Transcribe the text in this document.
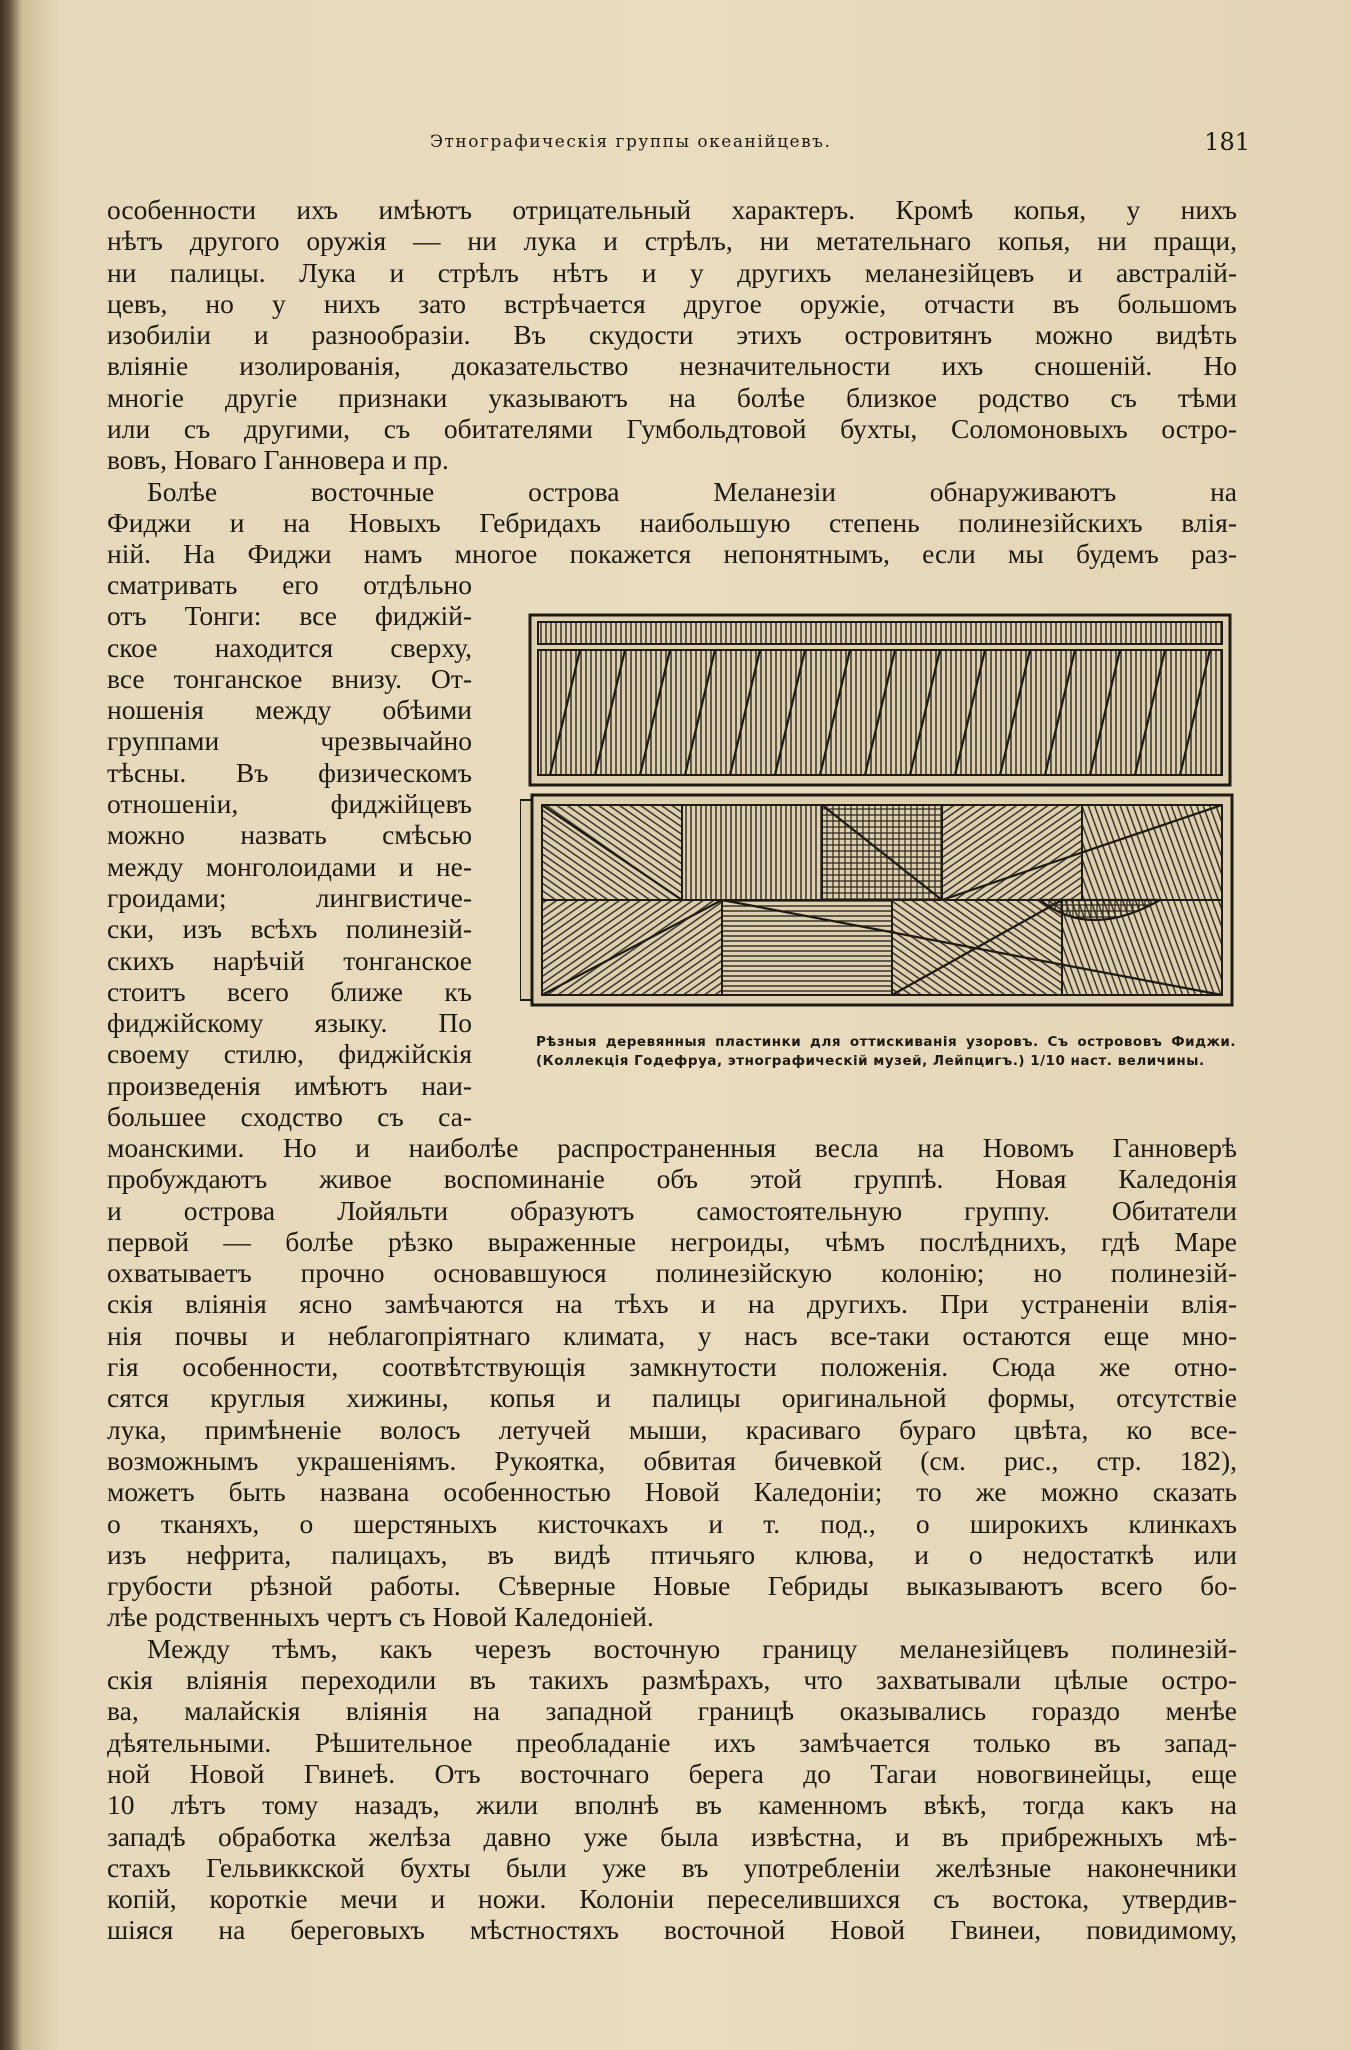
Этнографическія группы океанійцевъ.	181
особенности ихъ имѣютъ отрицательный характеръ. Кромѣ копья, у нихъ
нѣтъ другого оружія — ни лука и стрѣлъ, ни метательнаго копья, ни пращи,
ни палицы. Лука и стрѣлъ нѣтъ и у другихъ меланезійцевъ и австралій-
цевъ, но у нихъ зато встрѣчается другое оружіе, отчасти въ большомъ
изобиліи и разнообразіи. Въ скудости этихъ островитянъ можно видѣть
вліяніе изолированія, доказательство незначительности ихъ сношеній. Но
многіе другіе признаки указываютъ на болѣе близкое родство съ тѣми
или съ другими, съ обитателями Гумбольдтовой бухты, Соломоновыхъ остро-
вовъ, Новаго Ганновера и пр.
Болѣе восточные острова Меланезіи обнаруживаютъ на
Фиджи и на Новыхъ Гебридахъ наибольшую степень полинезійскихъ влія-
ній. На Фиджи намъ многое покажется непонятнымъ, если мы будемъ раз-
сматривать его отдѣльно
отъ Тонги: все фиджій-
ское находится сверху,
все тонганское внизу. От-
ношенія между обѣими
группами чрезвычайно
тѣсны. Въ физическомъ
отношеніи, фиджійцевъ
можно назвать смѣсью
между монголоидами и не-
гроидами; лингвистиче-
ски, изъ всѣхъ полинезій-
скихъ нарѣчій тонганское
стоитъ всего ближе къ
фиджійскому языку. По
своему стилю, фиджійскія
произведенія имѣютъ наи-
большее сходство съ са-
Рѣзныя деревянныя пластинки для оттискиванія узоровъ. Съ острововъ Фиджи. (Коллекція Годефруа, этнографическій музей, Лейпцигъ.) 1/10 наст. величины.
моанскими. Но и наиболѣе распространенныя весла на Новомъ Ганноверѣ
пробуждаютъ живое воспоминаніе объ этой группѣ. Новая Каледонія
и острова Лойяльти образуютъ самостоятельную группу. Обитатели
первой — болѣе рѣзко выраженные негроиды, чѣмъ послѣднихъ, гдѣ Маре
охватываетъ прочно основавшуюся полинезійскую колонію; но полинезій-
скія вліянія ясно замѣчаются на тѣхъ и на другихъ. При устраненіи влія-
нія почвы и неблагопріятнаго климата, у насъ все-таки остаются еще мно-
гія особенности, соотвѣтствующія замкнутости положенія. Сюда же отно-
сятся круглыя хижины, копья и палицы оригинальной формы, отсутствіе
лука, примѣненіе волосъ летучей мыши, красиваго бураго цвѣта, ко все-
возможнымъ украшеніямъ. Рукоятка, обвитая бичевкой (см. рис., стр. 182),
можетъ быть названа особенностью Новой Каледоніи; то же можно сказать
о тканяхъ, о шерстяныхъ кисточкахъ и т. под., о широкихъ клинкахъ
изъ нефрита, палицахъ, въ видѣ птичьяго клюва, и о недостаткѣ или
грубости рѣзной работы. Сѣверные Новые Гебриды выказываютъ всего бо-
лѣе родственныхъ чертъ съ Новой Каледоніей.
Между тѣмъ, какъ черезъ восточную границу меланезійцевъ полинезій-
скія вліянія переходили въ такихъ размѣрахъ, что захватывали цѣлые остро-
ва, малайскія вліянія на западной границѣ оказывались гораздо менѣе
дѣятельными. Рѣшительное преобладаніе ихъ замѣчается только въ запад-
ной Новой Гвинеѣ. Отъ восточнаго берега до Тагаи новогвинейцы, еще
10 лѣтъ тому назадъ, жили вполнѣ въ каменномъ вѣкѣ, тогда какъ на
западѣ обработка желѣза давно уже была извѣстна, и въ прибрежныхъ мѣ-
стахъ Гельвиккской бухты были уже въ употребленіи желѣзные наконечники
копій, короткіе мечи и ножи. Колоніи переселившихся съ востока, утвердив-
шіяся на береговыхъ мѣстностяхъ восточной Новой Гвинеи, повидимому,
